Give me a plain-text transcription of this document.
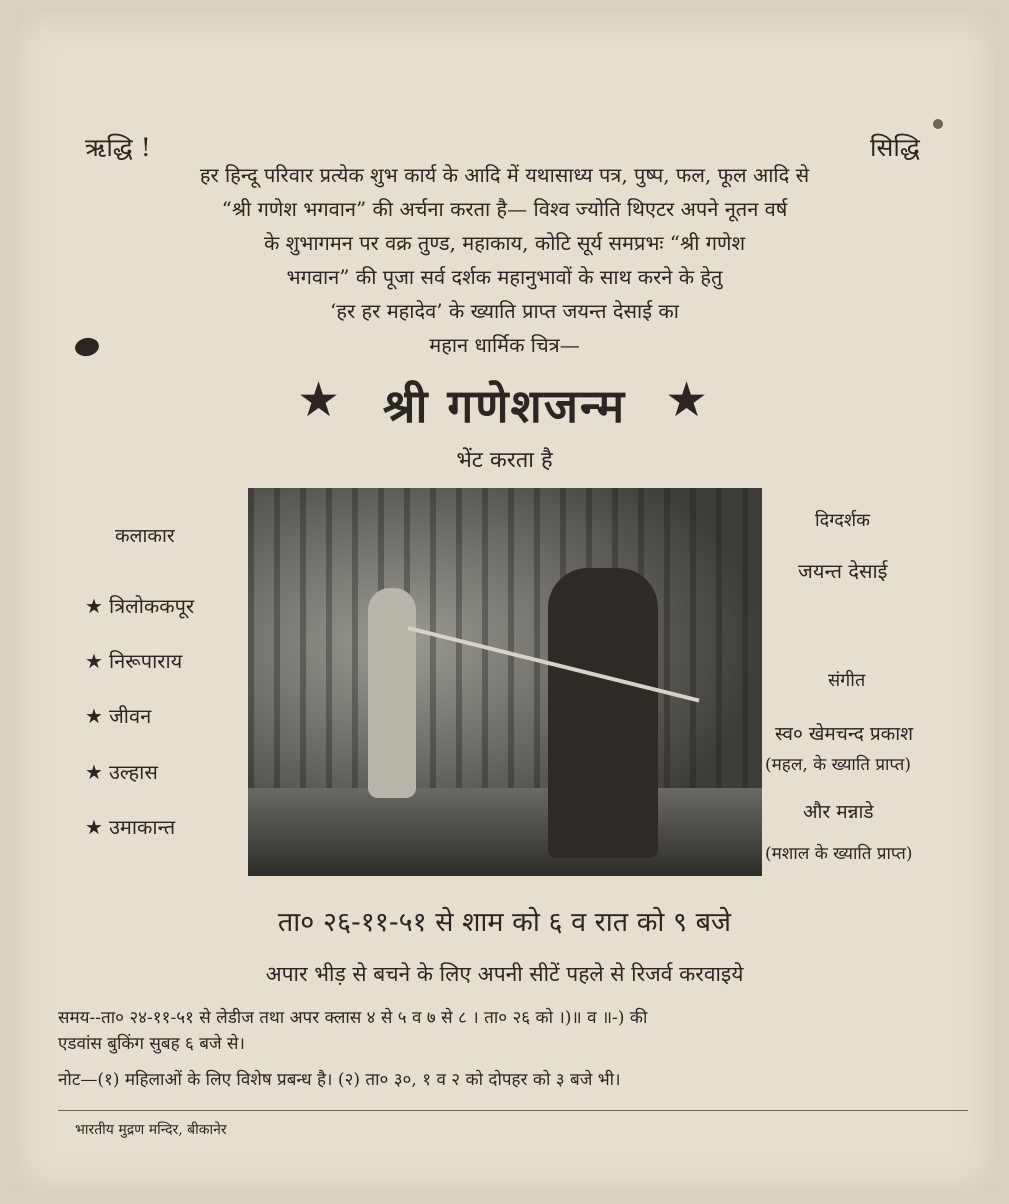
ऋद्धि !	सिद्धि
हर हिन्दू परिवार प्रत्येक शुभ कार्य के आदि में यथासाध्य पत्र, पुष्प, फल, फूल आदि से
“श्री गणेश भगवान” की अर्चना करता है— विश्व ज्योति थिएटर अपने नूतन वर्ष
के शुभागमन पर वक्र तुण्ड, महाकाय, कोटि सूर्य समप्रभः “श्री गणेश
भगवान” की पूजा सर्व दर्शक महानुभावों के साथ करने के हेतु
‘हर हर महादेव’ के ख्याति प्राप्त जयन्त देसाई का
महान धार्मिक चित्र—
★ श्री गणेशजन्म ★
भेंट करता है
कलाकार
★ त्रिलोककपूर
★ निरूपाराय
★ जीवन
★ उल्हास
★ उमाकान्त
दिग्दर्शक
जयन्त देसाई
संगीत
स्व० खेमचन्द प्रकाश
(महल, के ख्याति प्राप्त)
और मन्नाडे
(मशाल के ख्याति प्राप्त)
ता० २६-११-५१ से शाम को ६ व रात को ९ बजे
अपार भीड़ से बचने के लिए अपनी सीटें पहले से रिजर्व करवाइये
समय--ता० २४-११-५१ से लेडीज तथा अपर क्लास ४ से ५ व ७ से ८ । ता० २६ को ।)॥ व ॥-) की
एडवांस बुकिंग सुबह ६ बजे से।
नोट—(१) महिलाओं के लिए विशेष प्रबन्ध है। (२) ता० ३०, १ व २ को दोपहर को ३ बजे भी।
भारतीय मुद्रण मन्दिर, बीकानेर
